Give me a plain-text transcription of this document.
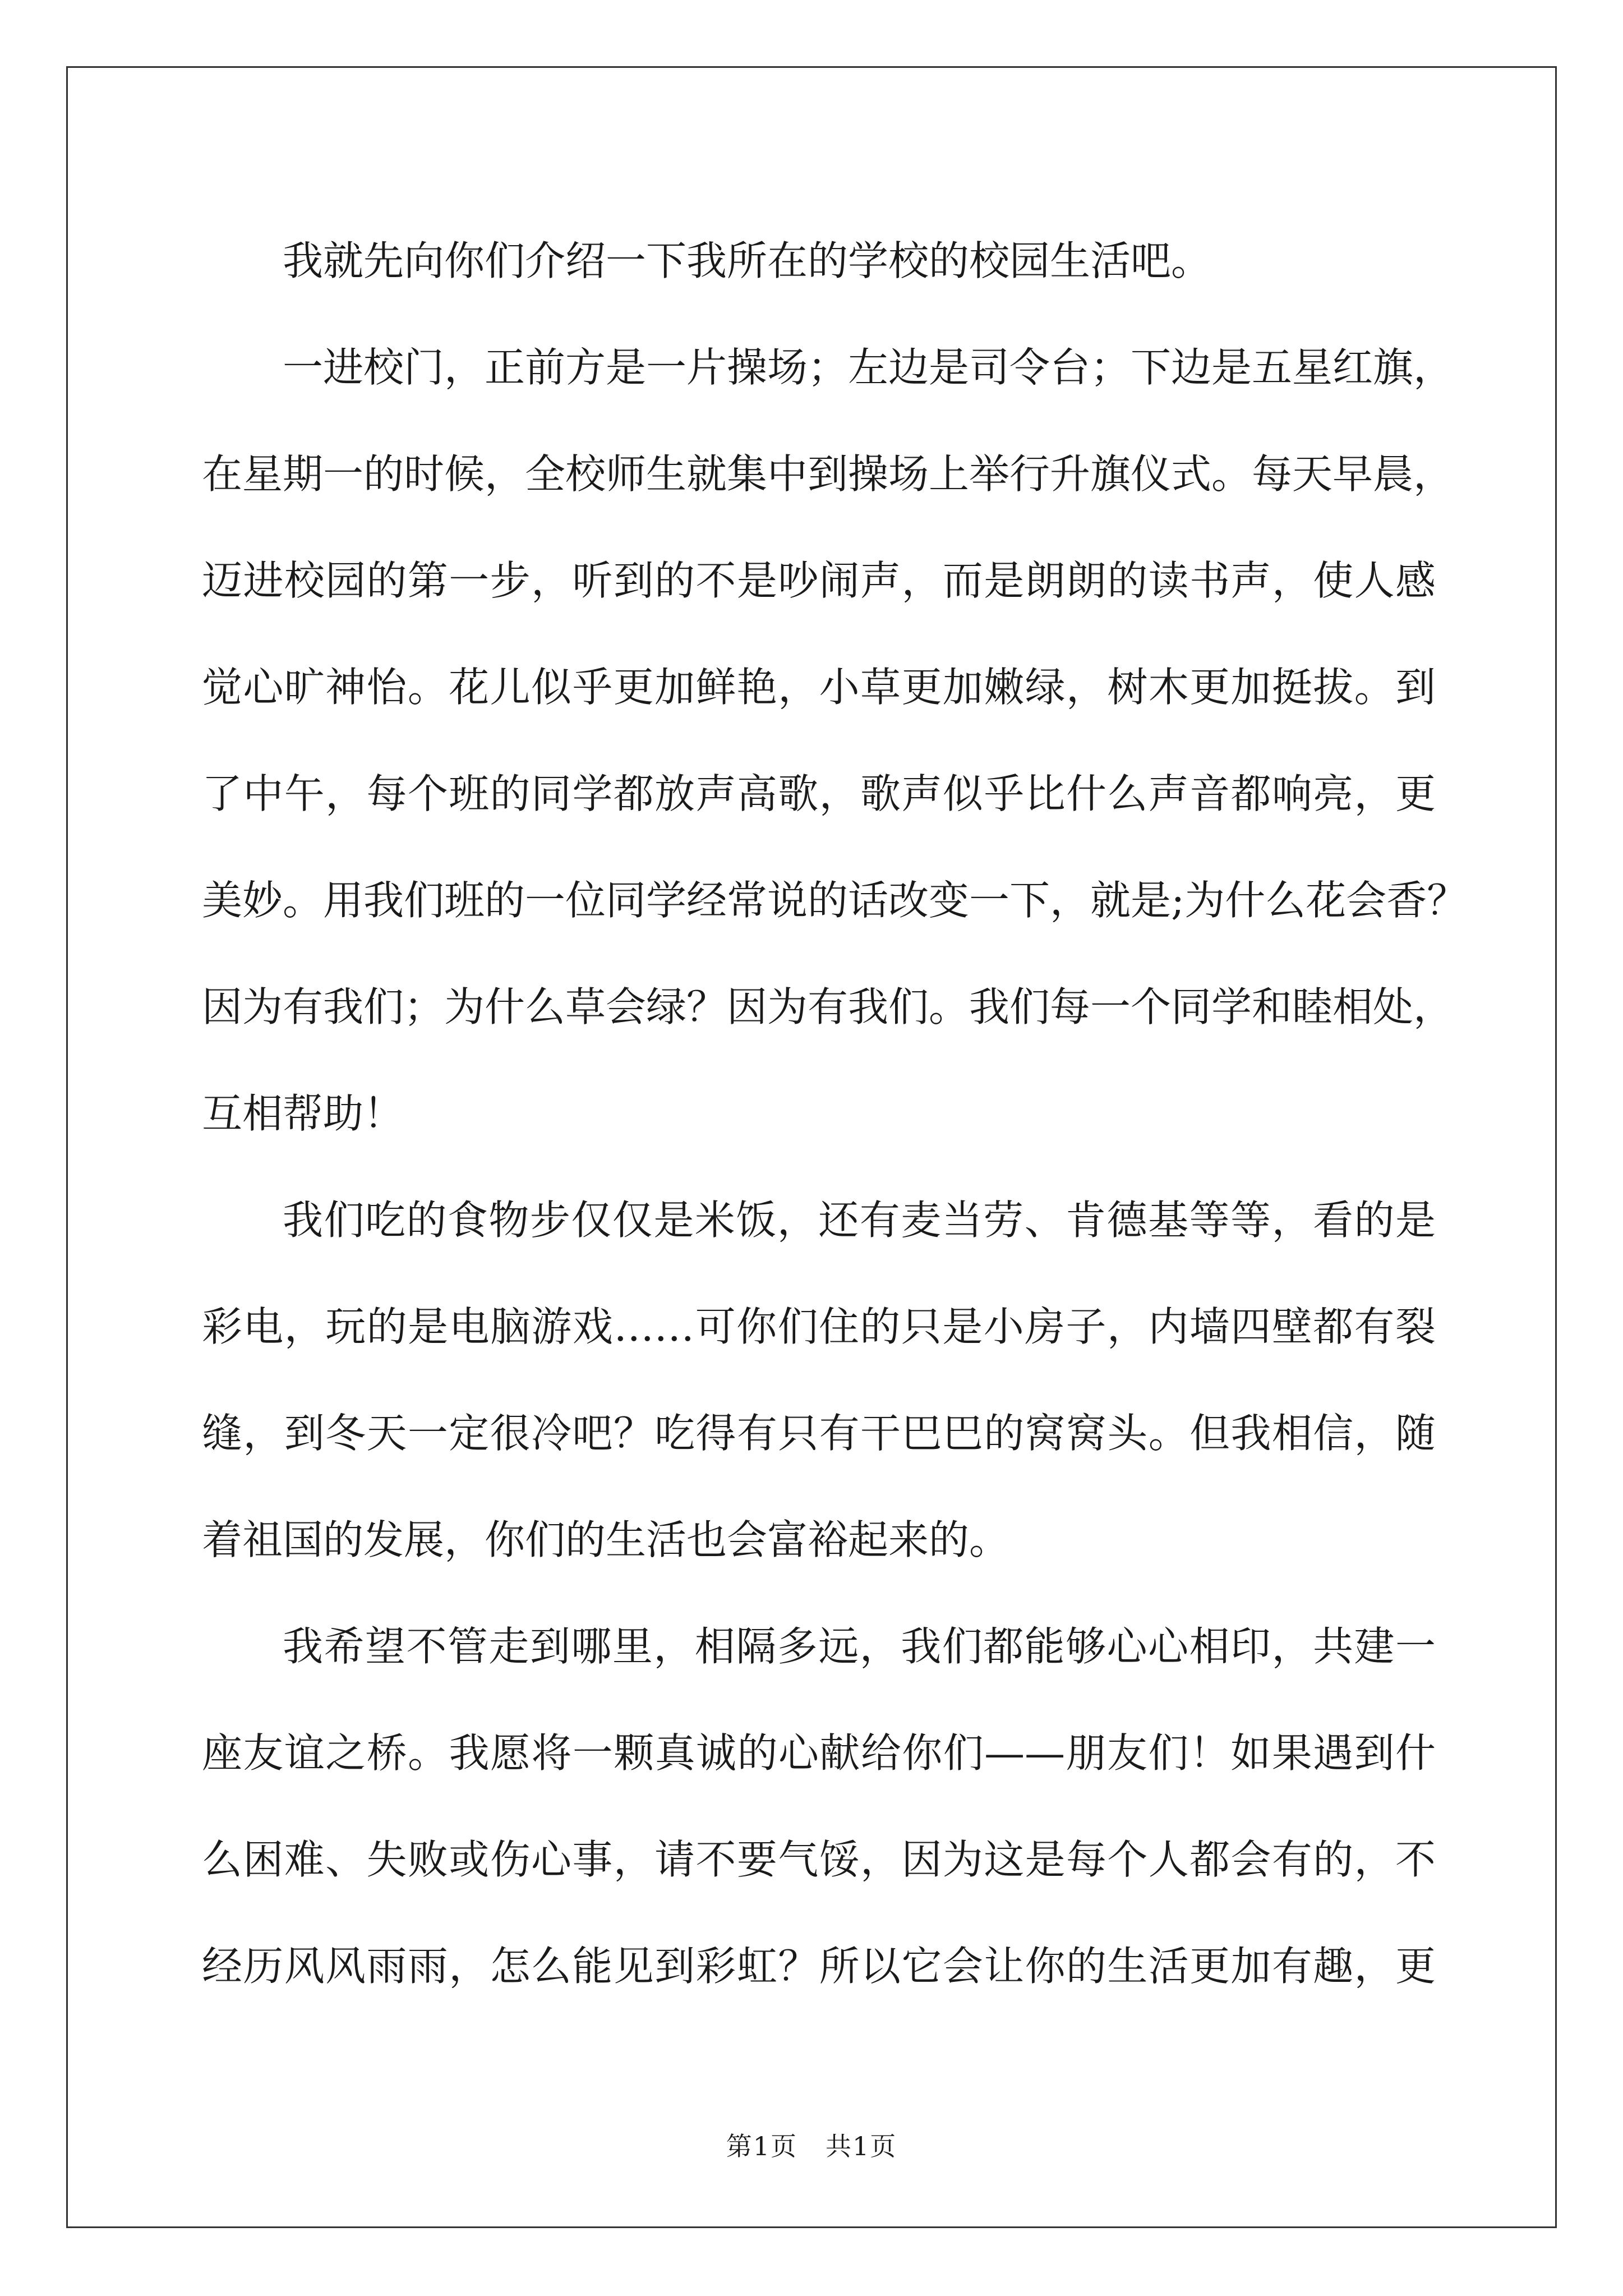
我就先向你们介绍一下我所在的学校的校园生活吧。
一进校门，正前方是一片操场；左边是司令台；下边是五星红旗，
在星期一的时候，全校师生就集中到操场上举行升旗仪式。每天早晨，
迈进校园的第一步，听到的不是吵闹声，而是朗朗的读书声，使人感
觉心旷神怡。花儿似乎更加鲜艳，小草更加嫩绿，树木更加挺拔。到
了中午，每个班的同学都放声高歌，歌声似乎比什么声音都响亮，更
美妙。用我们班的一位同学经常说的话改变一下，就是;为什么花会香？
因为有我们；为什么草会绿？因为有我们。我们每一个同学和睦相处，
互相帮助！
我们吃的食物步仅仅是米饭，还有麦当劳、肯德基等等，看的是
彩电，玩的是电脑游戏……可你们住的只是小房子，内墙四壁都有裂
缝，到冬天一定很冷吧？吃得有只有干巴巴的窝窝头。但我相信，随
着祖国的发展，你们的生活也会富裕起来的。
我希望不管走到哪里，相隔多远，我们都能够心心相印，共建一
座友谊之桥。我愿将一颗真诚的心献给你们——朋友们！如果遇到什
么困难、失败或伤心事，请不要气馁，因为这是每个人都会有的，不
经历风风雨雨，怎么能见到彩虹？所以它会让你的生活更加有趣，更
第1页 共1页
